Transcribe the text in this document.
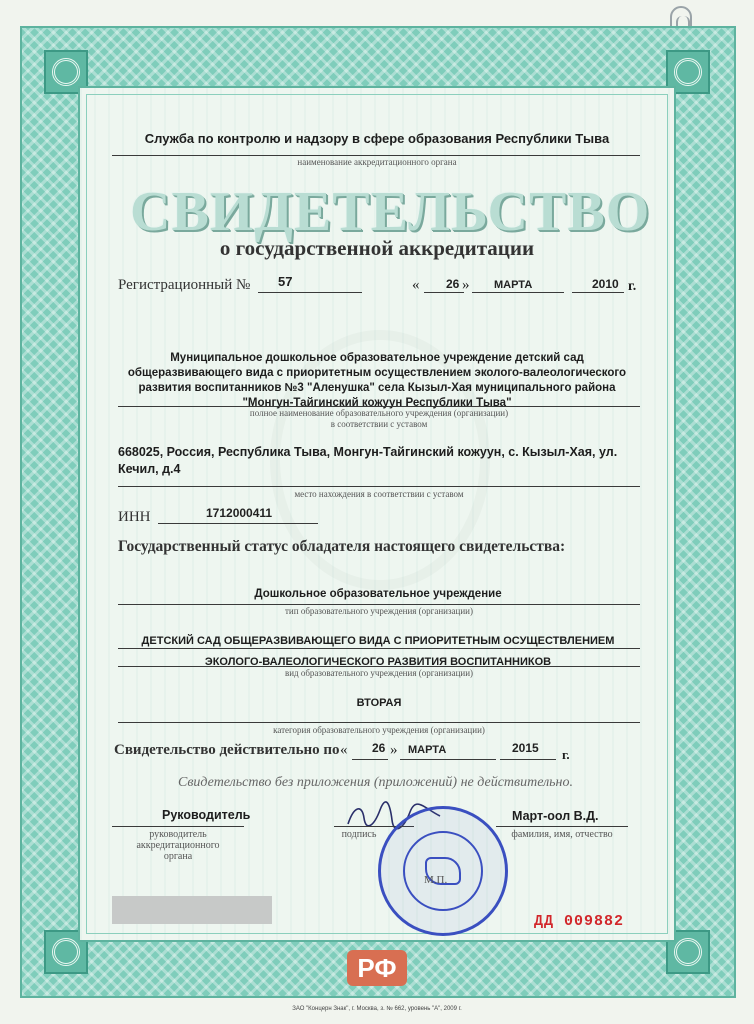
Служба по контролю и надзору в сфере образования Республики Тыва
наименование аккредитационного органа
СВИДЕТЕЛЬСТВО
о государственной аккредитации
Регистрационный № 57	« 26 » МАРТА	2010 г.
Муниципальное дошкольное образовательное учреждение детский сад общеразвивающего вида с приоритетным осуществлением эколого-валеологического развития воспитанников №3 "Аленушка" села Кызыл-Хая муниципального района "Монгун-Тайгинский кожуун Республики Тыва"
полное наименование образовательного учреждения (организации)
в соответствии с уставом
668025, Россия, Республика Тыва, Монгун-Тайгинский кожуун, с. Кызыл-Хая, ул. Кечил, д.4
место нахождения в соответствии с уставом
ИНН	1712000411
Государственный статус обладателя настоящего свидетельства:
Дошкольное образовательное учреждение
тип образовательного учреждения (организации)
ДЕТСКИЙ САД ОБЩЕРАЗВИВАЮЩЕГО ВИДА С ПРИОРИТЕТНЫМ ОСУЩЕСТВЛЕНИЕМ ЭКОЛОГО-ВАЛЕОЛОГИЧЕСКОГО РАЗВИТИЯ ВОСПИТАННИКОВ
вид образовательного учреждения (организации)
ВТОРАЯ
категория образовательного учреждения (организации)
Свидетельство действительно по « 26 » МАРТА	2015 г.
Свидетельство без приложения (приложений) не действительно.
Руководитель
руководитель
аккредитационного
органа
подпись
Март-оол В.Д.
фамилия, имя, отчество
М.П.
ДД 009882
РФ
ЗАО "Концерн Знак", г. Москва, з. № 662, уровень "А", 2009 г.
